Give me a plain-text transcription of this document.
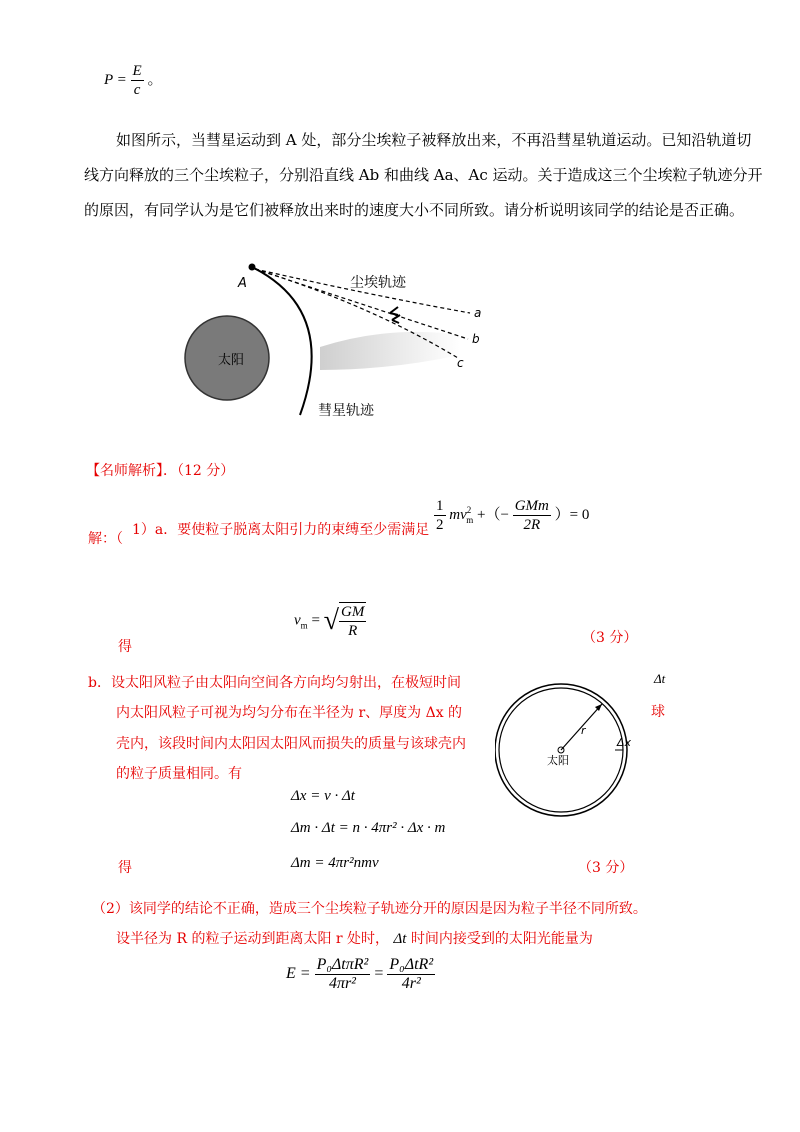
$P = \frac{E}{c}$ 。
如图所示，当彗星运动到 A 处，部分尘埃粒子被释放出来，不再沿彗星轨道运动。已知沿轨道切
线方向释放的三个尘埃粒子，分别沿直线 Ab 和曲线 Aa、Ac 运动。关于造成这三个尘埃粒子轨迹分开
的原因，有同学认为是它们被释放出来时的速度大小不同所致。请分析说明该同学的结论是否正确。
太阳
A	尘埃轨迹
a
b
c
彗星轨迹
【名师解析】．（12 分）
解：（
1）a．要使粒子脱离太阳引力的束缚至少需满足 $\frac{1}{2} mv^2_m$ +（− $\frac{\text{GMm}}{2R}$ ）= 0
$v_m$ = √ $\frac{GM}{R}$
得
（3 分）
b．设太阳风粒子由太阳向空间各方向均匀射出，在极短时间
内太阳风粒子可视为均匀分布在半径为 r、厚度为 Δx 的
壳内，该段时间内太阳因太阳风而损失的质量与该球壳内
的粒子质量相同。有
Δt
球
r
太阳
Δx
Δx = v · Δt
Δm · Δt = n · 4πr² · Δx · m
得	Δm = 4πr²nmv	（3 分）
（2）该同学的结论不正确，造成三个尘埃粒子轨迹分开的原因是因为粒子半径不同所致。
设半径为 R 的粒子运动到距离太阳 r 处时， Δt 时间内接受到的太阳光能量为
$E = \frac{\text{P₀ΔtπR²}}{\text{4πr²}} = \frac{\text{P₀ΔtR²}}{\text{4r²}}$
